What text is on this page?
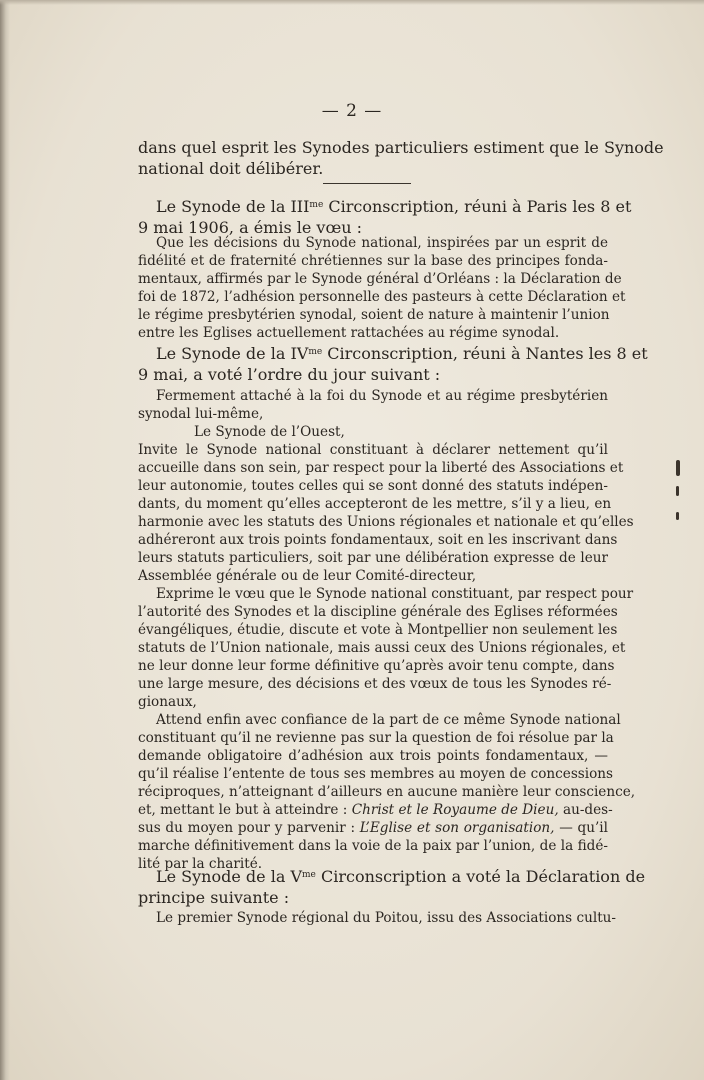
— 2 —
dans quel esprit les Synodes particuliers estiment que le Synode
national doit délibérer.
Le Synode de la $III^{me}$ Circonscription, réuni à Paris les 8 et
9 mai 1906, a émis le vœu :
Que les décisions du Synode national, inspirées par un esprit de
fidélité et de fraternité chrétiennes sur la base des principes fonda-
mentaux, affirmés par le Synode général d’Orléans : la Déclaration de
foi de 1872, l’adhésion personnelle des pasteurs à cette Déclaration et
le régime presbytérien synodal, soient de nature à maintenir l’union
entre les Eglises actuellement rattachées au régime synodal.
Le Synode de la $IV^{me}$ Circonscription, réuni à Nantes les 8 et
9 mai, a voté l’ordre du jour suivant :
Fermement attaché à la foi du Synode et au régime presbytérien
synodal lui-même,
Le Synode de l’Ouest,
Invite le Synode national constituant à déclarer nettement qu’il
accueille dans son sein, par respect pour la liberté des Associations et
leur autonomie, toutes celles qui se sont donné des statuts indépen-
dants, du moment qu’elles accepteront de les mettre, s’il y a lieu, en
harmonie avec les statuts des Unions régionales et nationale et qu’elles
adhéreront aux trois points fondamentaux, soit en les inscrivant dans
leurs statuts particuliers, soit par une délibération expresse de leur
Assemblée générale ou de leur Comité-directeur,
Exprime le vœu que le Synode national constituant, par respect pour
l’autorité des Synodes et la discipline générale des Eglises réformées
évangéliques, étudie, discute et vote à Montpellier non seulement les
statuts de l’Union nationale, mais aussi ceux des Unions régionales, et
ne leur donne leur forme définitive qu’après avoir tenu compte, dans
une large mesure, des décisions et des vœux de tous les Synodes ré-
gionaux,
Attend enfin avec confiance de la part de ce même Synode national
constituant qu’il ne revienne pas sur la question de foi résolue par la
demande obligatoire d’adhésion aux trois points fondamentaux, —
qu’il réalise l’entente de tous ses membres au moyen de concessions
réciproques, n’atteignant d’ailleurs en aucune manière leur conscience,
et, mettant le but à atteindre : Christ et le Royaume de Dieu, au-des-
sus du moyen pour y parvenir : L’Eglise et son organisation, — qu’il
marche définitivement dans la voie de la paix par l’union, de la fidé-
lité par la charité.
Le Synode de la $V^{me}$ Circonscription a voté la Déclaration de
principe suivante :
Le premier Synode régional du Poitou, issu des Associations cultu-
